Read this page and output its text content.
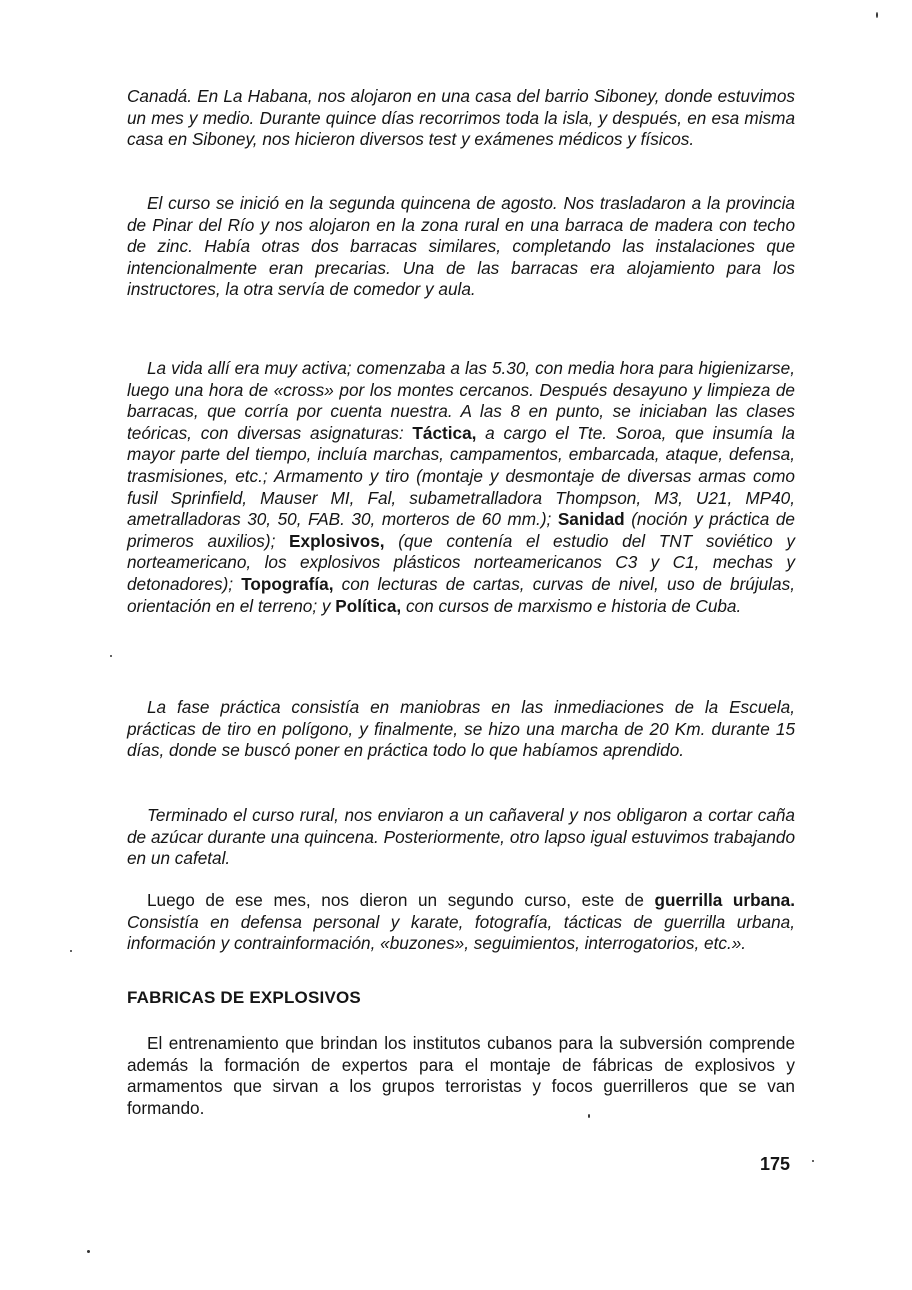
Canadá. En La Habana, nos alojaron en una casa del barrio Siboney, donde estuvimos un mes y medio. Durante quince días recorrimos toda la isla, y después, en esa misma casa en Siboney, nos hicieron diversos test y exámenes médicos y físicos.

El curso se inició en la segunda quincena de agosto. Nos trasladaron a la provincia de Pinar del Río y nos alojaron en la zona rural en una barraca de madera con techo de zinc. Había otras dos barracas similares, completando las instalaciones que intencionalmente eran precarias. Una de las barracas era alojamiento para los instructores, la otra servía de comedor y aula.

La vida allí era muy activa; comenzaba a las 5.30, con media hora para higienizarse, luego una hora de «cross» por los montes cercanos. Después desayuno y limpieza de barracas, que corría por cuenta nuestra. A las 8 en punto, se iniciaban las clases teóricas, con diversas asignaturas: Táctica, a cargo el Tte. Soroa, que insumía la mayor parte del tiempo, incluía marchas, campamentos, embarcada, ataque, defensa, trasmisiones, etc.; Armamento y tiro (montaje y desmontaje de diversas armas como fusil Sprinfield, Mauser MI, Fal, subametralladora Thompson, M3, U21, MP40, ametralladoras 30, 50, FAB. 30, morteros de 60 mm.); Sanidad (noción y práctica de primeros auxilios); Explosivos, (que contenía el estudio del TNT soviético y norteamericano, los explosivos plásticos norteamericanos C3 y C1, mechas y detonadores); Topografía, con lecturas de cartas, curvas de nivel, uso de brújulas, orientación en el terreno; y Política, con cursos de marxismo e historia de Cuba.

La fase práctica consistía en maniobras en las inmediaciones de la Escuela, prácticas de tiro en polígono, y finalmente, se hizo una marcha de 20 Km. durante 15 días, donde se buscó poner en práctica todo lo que habíamos aprendido.

Terminado el curso rural, nos enviaron a un cañaveral y nos obligaron a cortar caña de azúcar durante una quincena. Posteriormente, otro lapso igual estuvimos trabajando en un cafetal.

Luego de ese mes, nos dieron un segundo curso, este de guerrilla urbana. Consistía en defensa personal y karate, fotografía, tácticas de guerrilla urbana, información y contrainformación, «buzones», seguimientos, interrogatorios, etc.».

FABRICAS DE EXPLOSIVOS

El entrenamiento que brindan los institutos cubanos para la subversión comprende además la formación de expertos para el montaje de fábricas de explosivos y armamentos que sirvan a los grupos terroristas y focos guerrilleros que se van formando.

175
